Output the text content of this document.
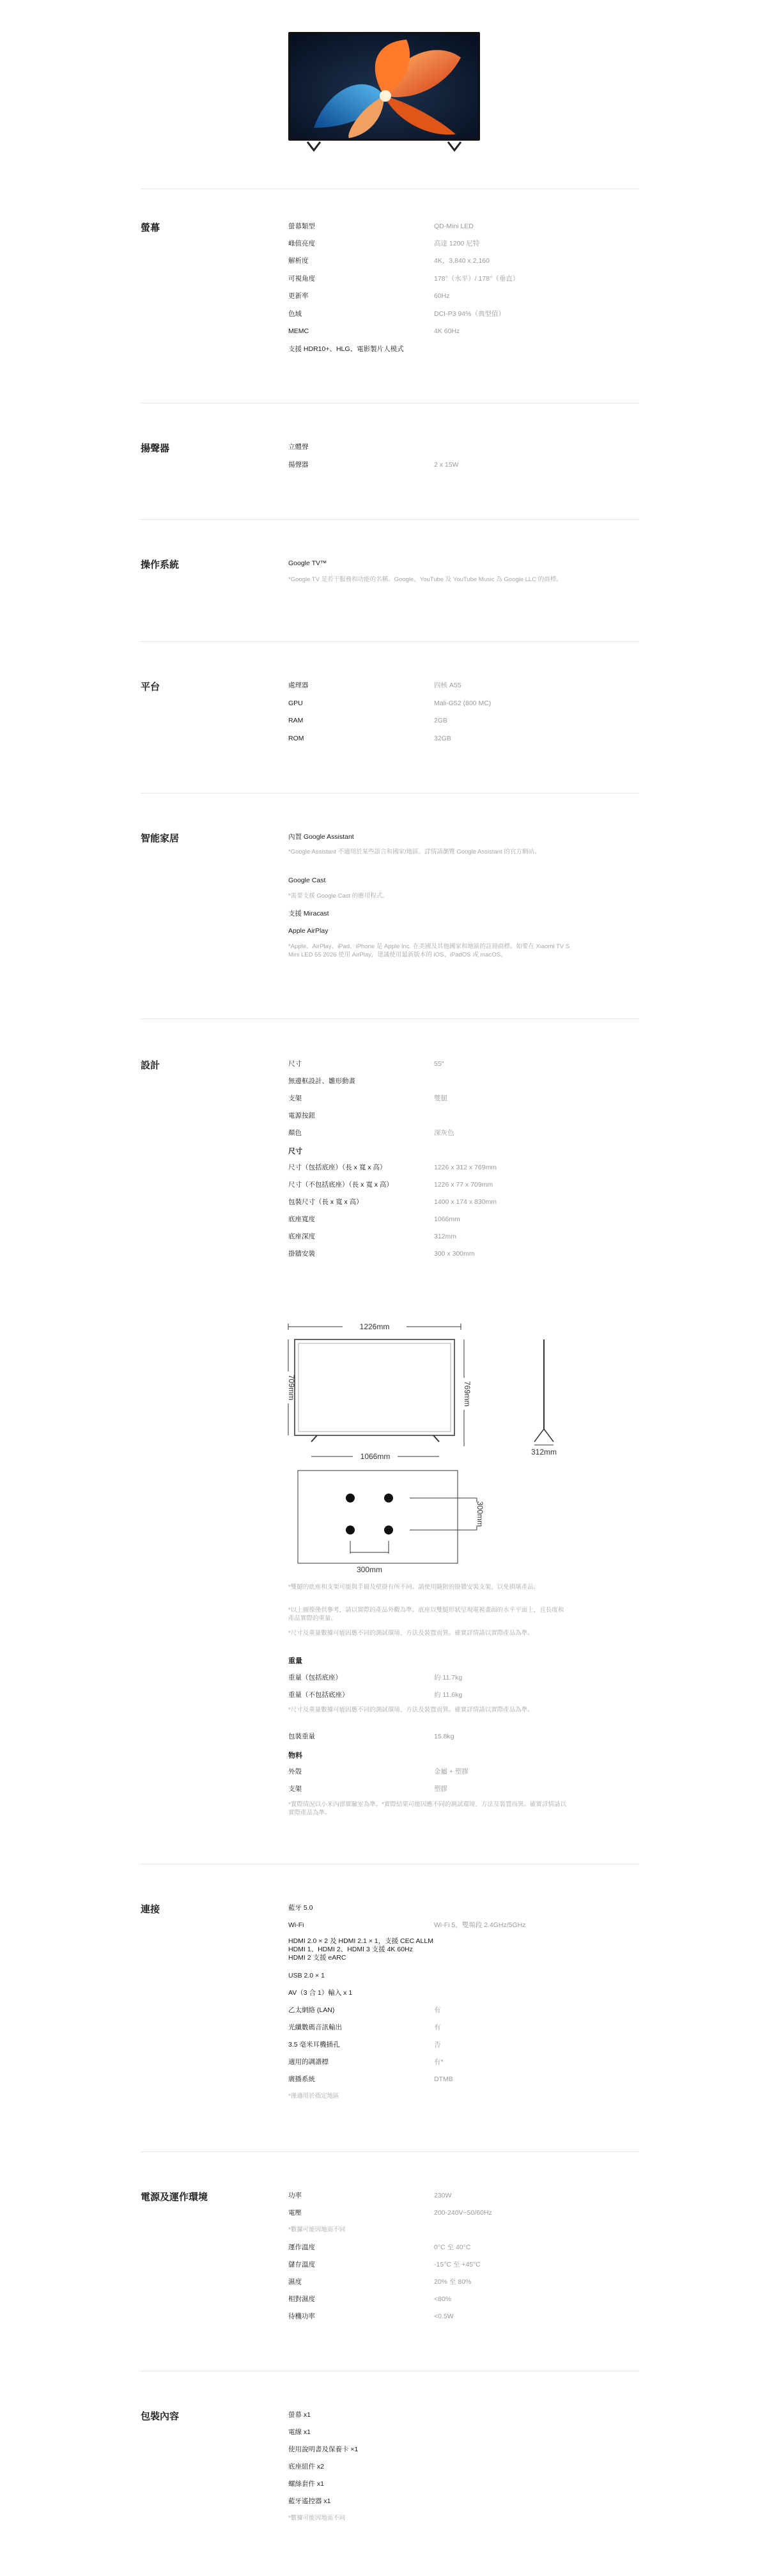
螢幕	螢幕類型	QD-Mini LED
峰值亮度	高達 1200 尼特
解析度	4K，3,840 x 2,160
可視角度	178°（水平）/ 178°（垂直）
更新率	60Hz
色域	DCI-P3 94%（典型值）
MEMC	4K 60Hz
支援 HDR10+、HLG、電影製片人模式
揚聲器	立體聲
揚聲器	2 x 15W
操作系統	Google TV™
*Google TV 是若干服務和功能的名稱。Google、YouTube 及 YouTube Music 為 Google LLC 的商標。
平台	處理器	四核 A55
GPU	Mali-G52 (800 MC)
RAM	2GB
ROM	32GB
智能家居	內置 Google Assistant
*Google Assistant 不適用於某些語言和國家/地區。詳情請瀏覽 Google Assistant 的官方網站。
Google Cast
*需要支援 Google Cast 的應用程式。
支援 Miracast
Apple AirPlay
*Apple、AirPlay、iPad、iPhone 是 Apple Inc. 在美國及其他國家和地區的註冊商標。如要在 Xiaomi TV S Mini LED 55 2026 使用 AirPlay，建議使用最新版本的 iOS、iPadOS 或 macOS。
設計	尺寸	55"
無邊框設計、雛形動畫
支架	雙腿
電源按鈕
顏色	深灰色
尺寸
尺寸（包括底座）（長 x 寬 x 高）	1226 x 312 x 769mm
尺寸（不包括底座）（長 x 寬 x 高）	1226 x 77 x 709mm
包裝尺寸（長 x 寬 x 高）	1400 x 174 x 830mm
底座寬度	1066mm
底座深度	312mm
掛牆安裝	300 x 300mm
1226mm
709mm	769mm
1066mm	312mm
300mm
300mm
*雙腿的底座和支架可能與手冊及壁掛有所不同。請使用隨附的掛牆安裝支架，以免損壞產品。
*以上圖像僅供參考，請以實際的產品外觀為準。底座以雙腿形狀呈現電視畫面的水平平面上，且長度和產品實際的重量。
*尺寸及重量數據可能因應不同的測試環境、方法及裝置而異。確實詳情請以實際產品為準。
重量
重量（包括底座）	約 11.7kg
重量（不包括底座）	約 11.6kg
*尺寸及重量數據可能因應不同的測試環境、方法及裝置而異。確實詳情請以實際產品為準。
包裝重量	15.8kg
物料
外殼	金屬 + 塑膠
支架	塑膠
*實際情況以小米內部實驗室為準。*實際結果可能因應不同的測試環境、方法及裝置而異。確實詳情請以實際產品為準。
連接	藍牙 5.0
Wi-Fi	Wi-Fi 5，雙頻段 2.4GHz/5GHz
HDMI 2.0 × 2 及 HDMI 2.1 × 1，支援 CEC ALLM
HDMI 1、HDMI 2、HDMI 3 支援 4K 60Hz
HDMI 2 支援 eARC
USB 2.0 × 1
AV（3 合 1）輸入 x 1
乙太網絡 (LAN)	有
光纖數碼音訊輸出	有
3.5 毫米耳機插孔	否
適用的調諧標	有*
廣播系統	DTMB
*僅適用於指定地區
電源及運作環境	功率	230W
電壓	200-240V~50/60Hz
*數據可能因地而不同
運作溫度	0°C 至 40°C
儲存溫度	-15°C 至 +45°C
濕度	20% 至 80%
相對濕度	<80%
待機功率	<0.5W
包裝內容	螢幕 x1
電線 x1
使用說明書及保養卡 ×1
底座組件 x2
螺絲套件 x1
藍牙遙控器 x1
*數據可能因地而不同
